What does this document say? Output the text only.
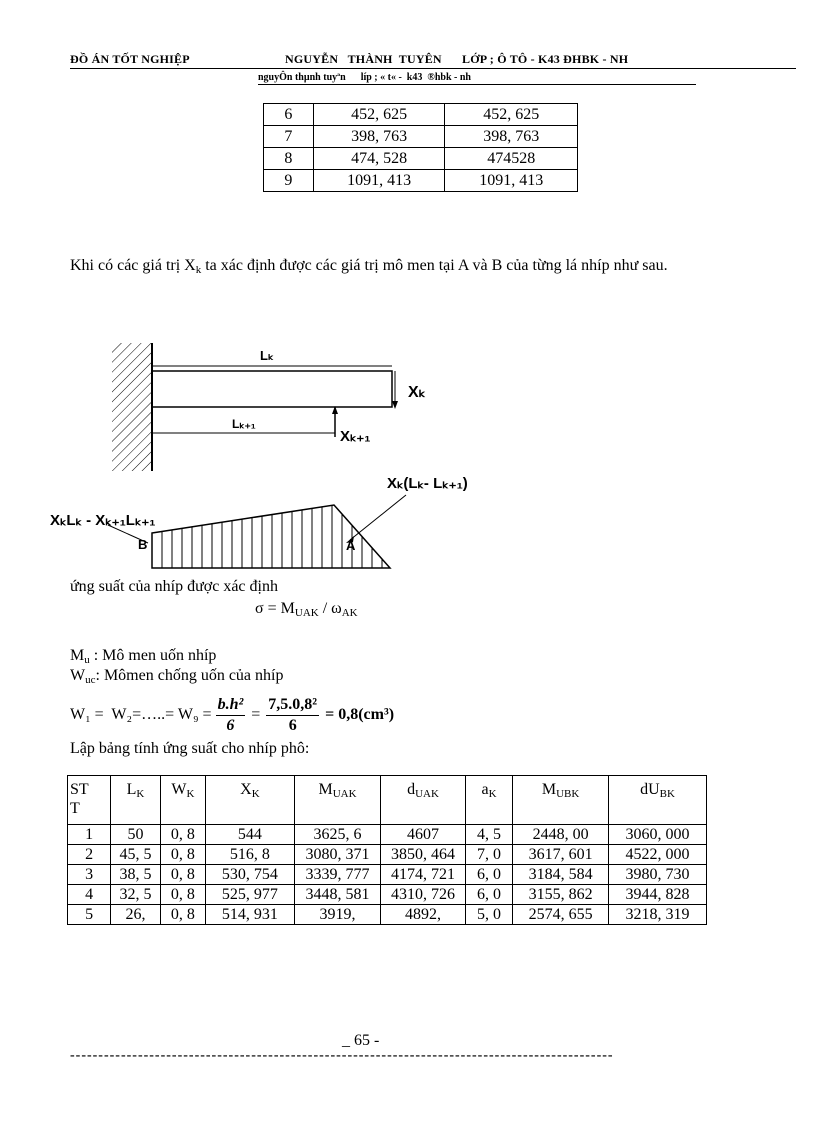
ĐỒ ÁN TỐT NGHIỆP	NGUYỄN   THÀNH  TUYÊN LỚP ; Ô TÔ - K43 ĐHBK - NH
nguyÔn thµnh tuyªn      líp ; « t« -  k43  ®hbk - nh
6	452, 625	452, 625
7	398, 763	398, 763
8	474, 528	474528
9	1091, 413	1091, 413
Khi có các giá trị $X_k$ ta xác định được các giá trị mô men tại A và B của từng lá nhíp như sau.
Lₖ
Xₖ
Lₖ₊₁
Xₖ₊₁
Xₖ(Lₖ- Lₖ₊₁)
XₖLₖ - Xₖ₊₁Lₖ₊₁
B	A
ứng suất của nhíp được xác định
$\sigma = M_{UAK} / \omega_{AK}$
$M_u$ : Mô men uốn nhíp
$W_{uc}$: Mômen chống uốn của nhíp
W₁ =  W₂=…..= $W_9 = \frac{\text{b.h²}}{6} = \frac{\text{7,5.0,8²}}{6} = 0,8(cm^3)$
Lập bảng tính ứng suất cho nhíp phô:
ST
T	$L_K$	$W_K$	$X_K$	$M_{UAK}$	$d_{UAK}$	$a_K$	$M_{UBK}$	$dU_{BK}$
1	50	0, 8	544	3625, 6	4607	4, 5	2448, 00	3060, 000
2	45, 5	0, 8	516, 8	3080, 371	3850, 464	7, 0	3617, 601	4522, 000
3	38, 5	0, 8	530, 754	3339, 777	4174, 721	6, 0	3184, 584	3980, 730
4	32, 5	0, 8	525, 977	3448, 581	4310, 726	6, 0	3155, 862	3944, 828
5	26,	0, 8	514, 931	3919,	4892,	5, 0	2574, 655	3218, 319
_ 65 -
------------------------------------------------------------------------------------------------
